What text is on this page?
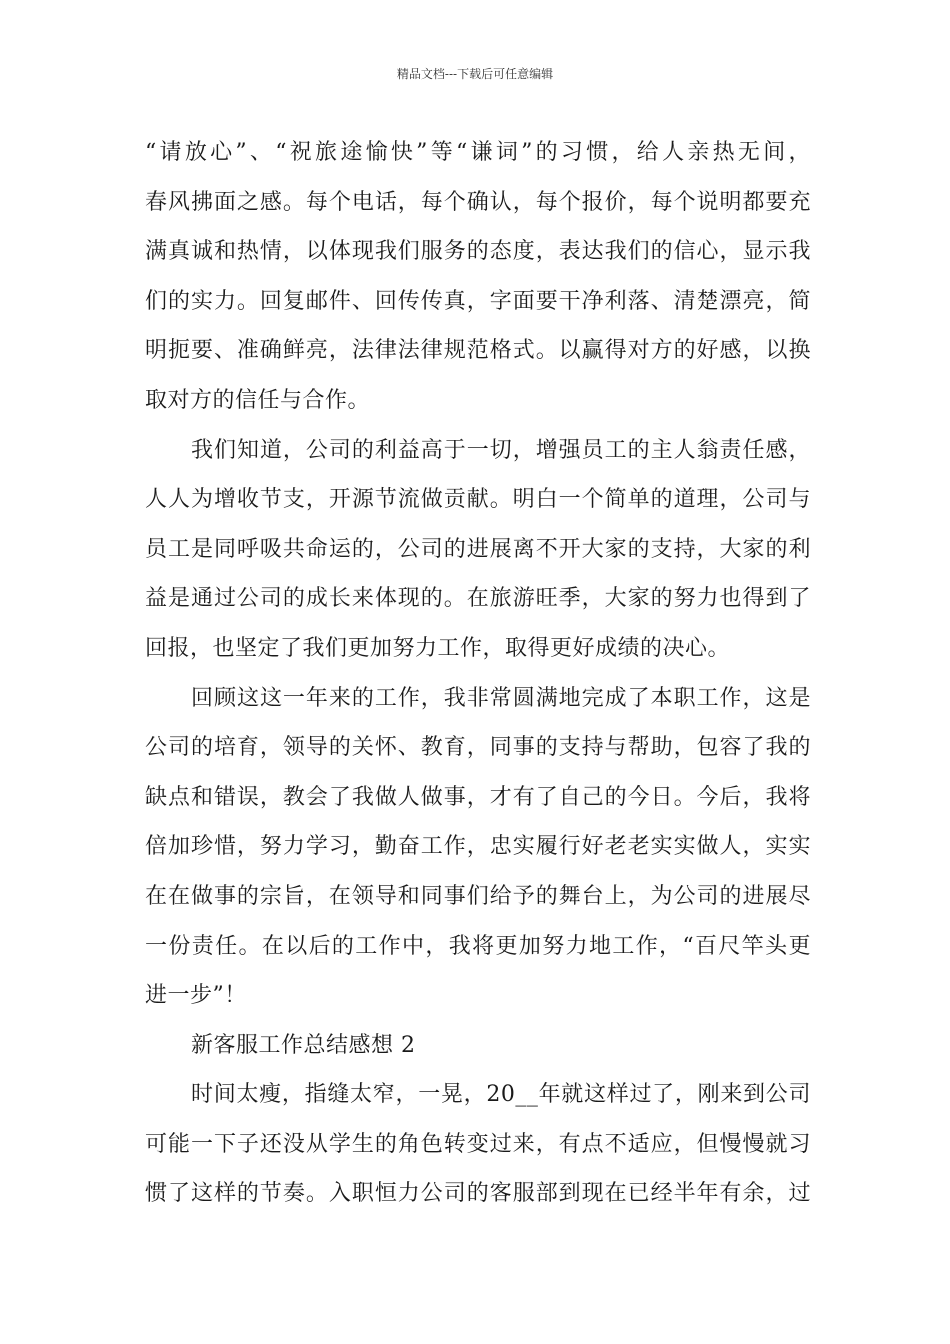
精品文档---下载后可任意编辑
“请放心”、“祝旅途愉快”等“谦词”的习惯，给人亲热无间，
春风拂面之感。每个电话，每个确认，每个报价，每个说明都要充
满真诚和热情，以体现我们服务的态度，表达我们的信心，显示我
们的实力。回复邮件、回传传真，字面要干净利落、清楚漂亮，简
明扼要、准确鲜亮，法律法律规范格式。以赢得对方的好感，以换
取对方的信任与合作。
我们知道，公司的利益高于一切，增强员工的主人翁责任感，
人人为增收节支，开源节流做贡献。明白一个简单的道理，公司与
员工是同呼吸共命运的，公司的进展离不开大家的支持，大家的利
益是通过公司的成长来体现的。在旅游旺季，大家的努力也得到了
回报，也坚定了我们更加努力工作，取得更好成绩的决心。
回顾这这一年来的工作，我非常圆满地完成了本职工作，这是
公司的培育，领导的关怀、教育，同事的支持与帮助，包容了我的
缺点和错误，教会了我做人做事，才有了自己的今日。今后，我将
倍加珍惜，努力学习，勤奋工作，忠实履行好老老实实做人，实实
在在做事的宗旨，在领导和同事们给予的舞台上，为公司的进展尽
一份责任。在以后的工作中，我将更加努力地工作，“百尺竿头更
进一步”！
新客服工作总结感想 2
时间太瘦，指缝太窄，一晃，20__年就这样过了，刚来到公司
可能一下子还没从学生的角色转变过来，有点不适应，但慢慢就习
惯了这样的节奏。入职恒力公司的客服部到现在已经半年有余，过
